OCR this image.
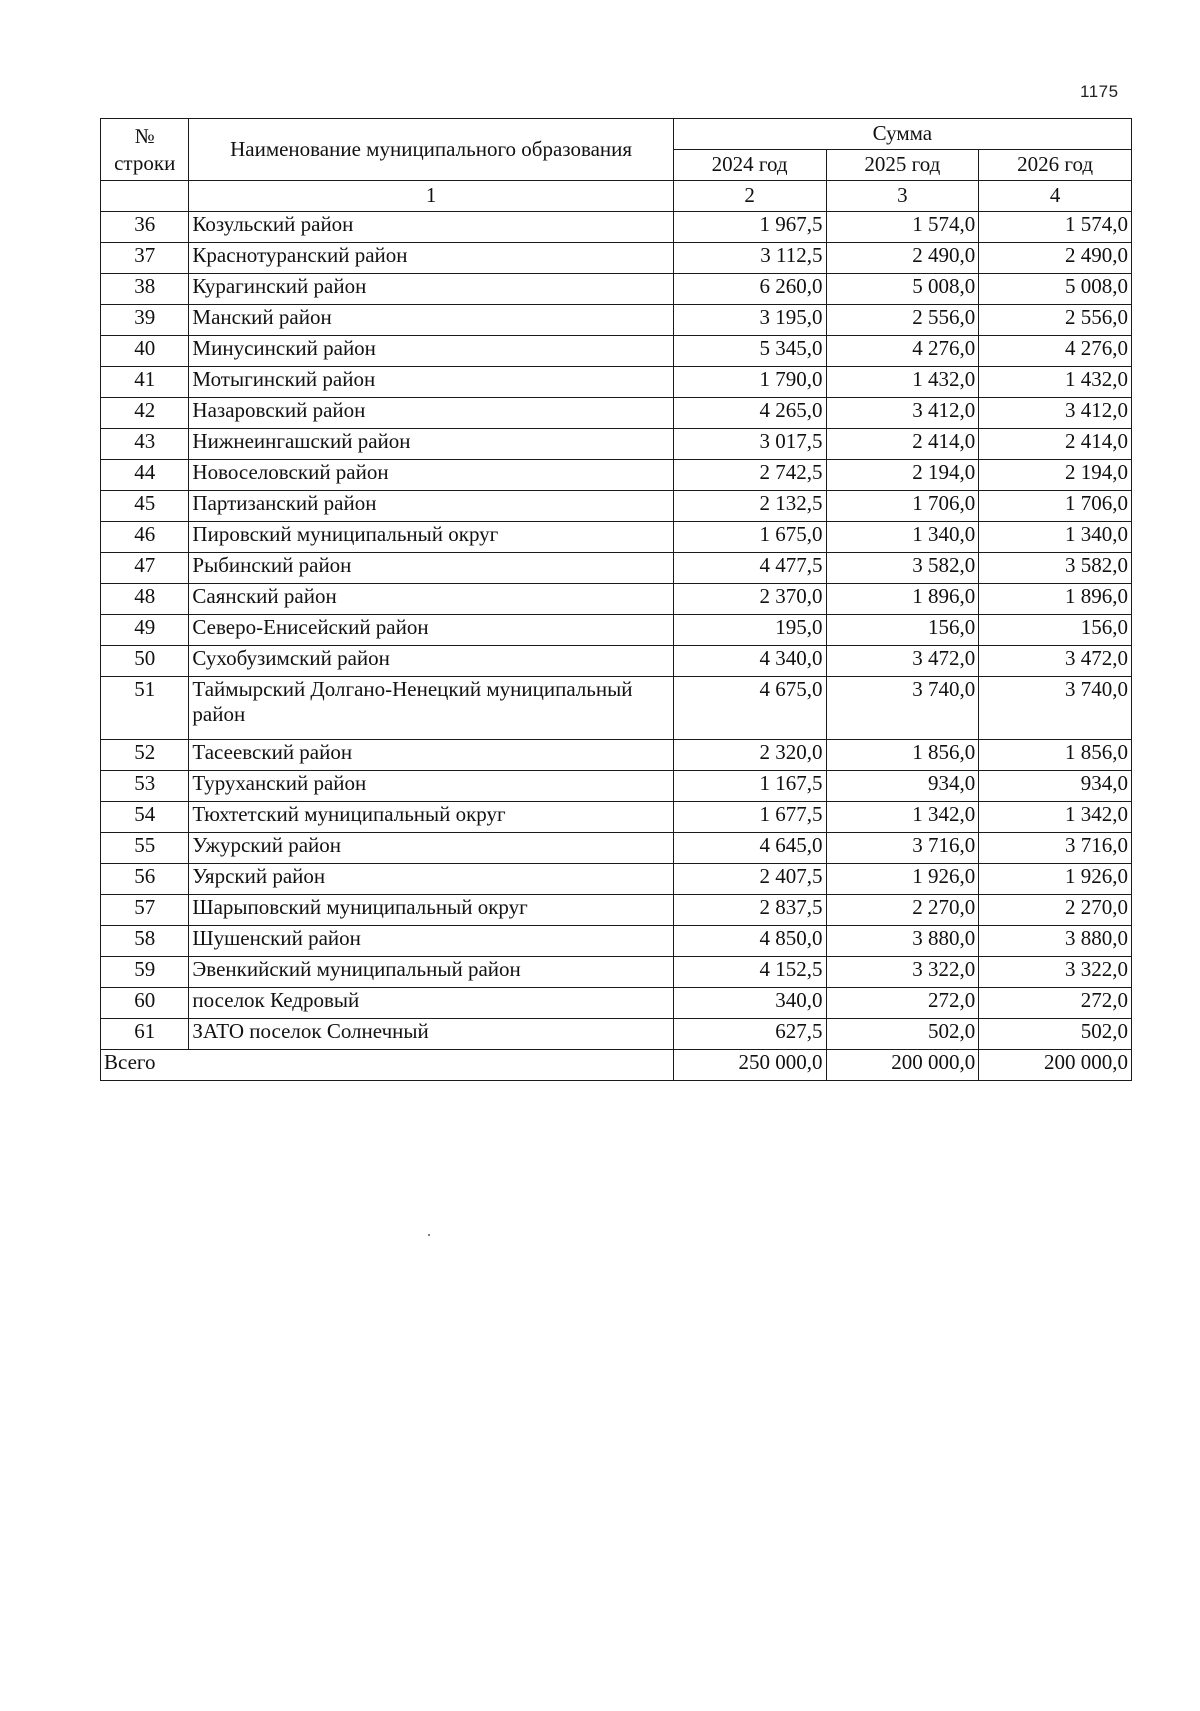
1175
№
строки	Наименование муниципального образования	Сумма		
		2024 год	2025 год	2026 год
	1	2	3	4
36	Козульский район	1 967,5	1 574,0	1 574,0
37	Краснотуранский район	3 112,5	2 490,0	2 490,0
38	Курагинский район	6 260,0	5 008,0	5 008,0
39	Манский район	3 195,0	2 556,0	2 556,0
40	Минусинский район	5 345,0	4 276,0	4 276,0
41	Мотыгинский район	1 790,0	1 432,0	1 432,0
42	Назаровский район	4 265,0	3 412,0	3 412,0
43	Нижнеингашский район	3 017,5	2 414,0	2 414,0
44	Новоселовский район	2 742,5	2 194,0	2 194,0
45	Партизанский район	2 132,5	1 706,0	1 706,0
46	Пировский муниципальный округ	1 675,0	1 340,0	1 340,0
47	Рыбинский район	4 477,5	3 582,0	3 582,0
48	Саянский район	2 370,0	1 896,0	1 896,0
49	Северо-Енисейский район	195,0	156,0	156,0
50	Сухобузимский район	4 340,0	3 472,0	3 472,0
51	Таймырский Долгано-Ненецкий муниципальный район	4 675,0	3 740,0	3 740,0
52	Тасеевский район	2 320,0	1 856,0	1 856,0
53	Туруханский район	1 167,5	934,0	934,0
54	Тюхтетский муниципальный округ	1 677,5	1 342,0	1 342,0
55	Ужурский район	4 645,0	3 716,0	3 716,0
56	Уярский район	2 407,5	1 926,0	1 926,0
57	Шарыповский муниципальный округ	2 837,5	2 270,0	2 270,0
58	Шушенский район	4 850,0	3 880,0	3 880,0
59	Эвенкийский муниципальный район	4 152,5	3 322,0	3 322,0
60	поселок Кедровый	340,0	272,0	272,0
61	ЗАТО поселок Солнечный	627,5	502,0	502,0
Всего		250 000,0	200 000,0	200 000,0
